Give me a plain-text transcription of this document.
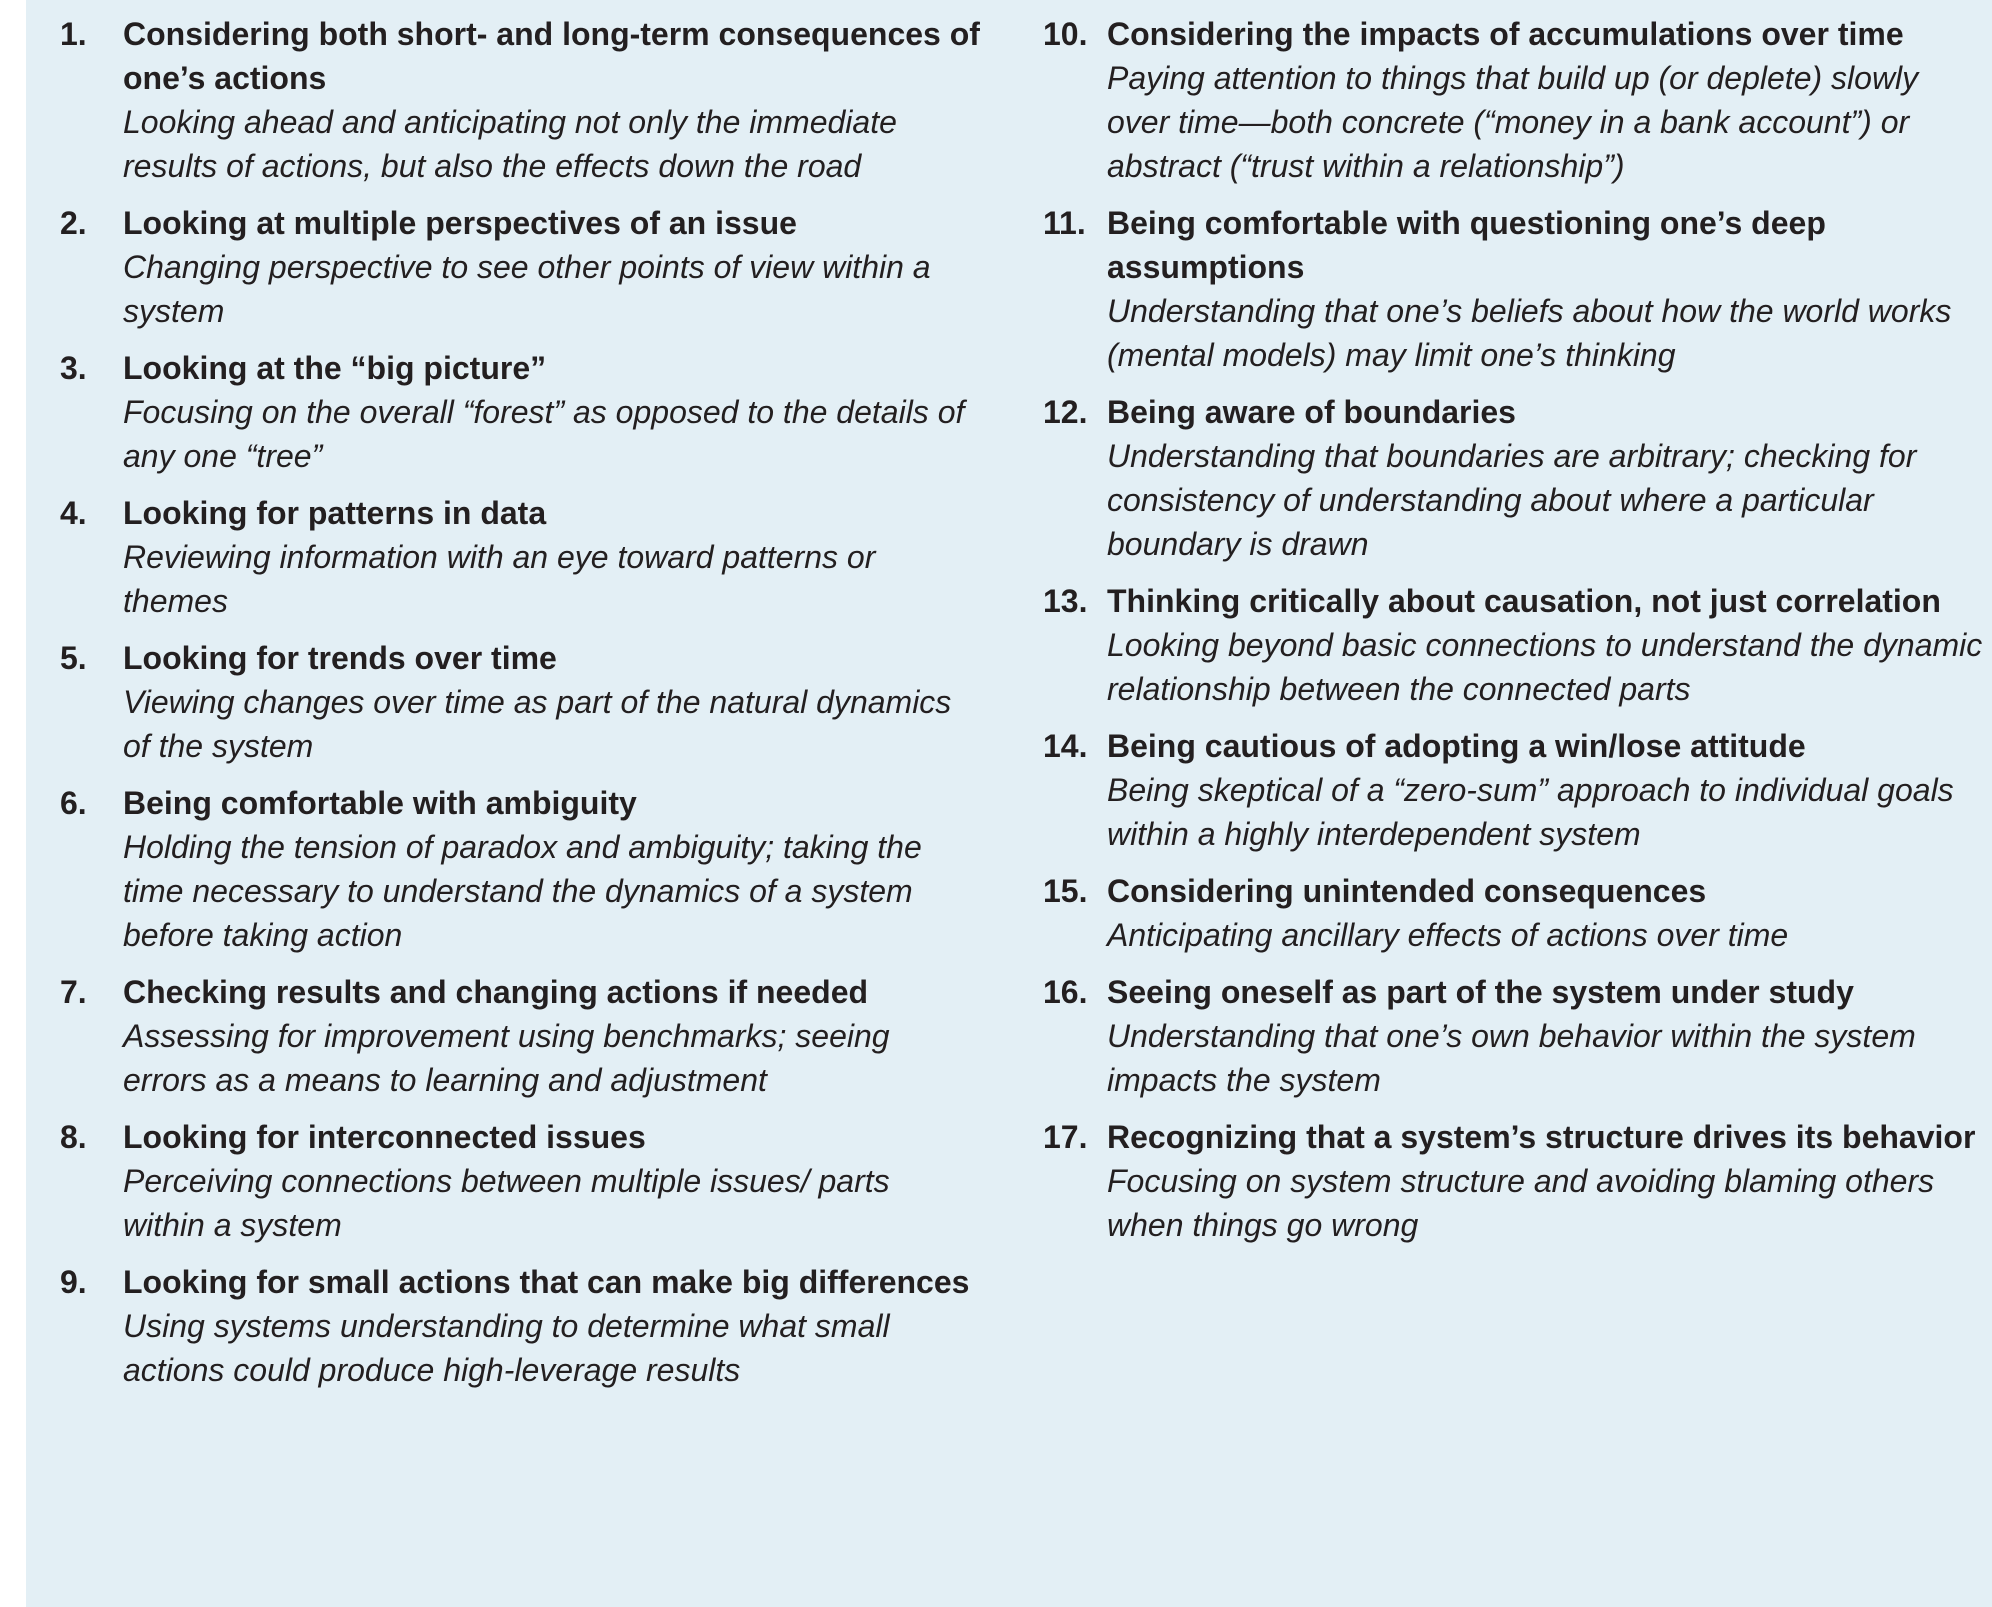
1.	Considering both short- and long-term consequences of one’s actions
Looking ahead and anticipating not only the immediate results of actions, but also the effects down the road
2.	Looking at multiple perspectives of an issue
Changing perspective to see other points of view within a system
3.	Looking at the “big picture”
Focusing on the overall “forest” as opposed to the details of any one “tree”
4.	Looking for patterns in data
Reviewing information with an eye toward patterns or themes
5.	Looking for trends over time
Viewing changes over time as part of the natural dynamics of the system
6.	Being comfortable with ambiguity
Holding the tension of paradox and ambiguity; taking the time necessary to understand the dynamics of a system before taking action
7.	Checking results and changing actions if needed
Assessing for improvement using benchmarks; seeing errors as a means to learning and adjustment
8.	Looking for interconnected issues
Perceiving connections between multiple issues/ parts within a system
9.	Looking for small actions that can make big differences
Using systems understanding to determine what small actions could produce high-leverage results
10. Considering the impacts of accumulations over time
Paying attention to things that build up (or deplete) slowly over time—both concrete (“money in a bank account”) or abstract (“trust within a relationship”)
11. Being comfortable with questioning one’s deep assumptions
Understanding that one’s beliefs about how the world works (mental models) may limit one’s thinking
12. Being aware of boundaries
Understanding that boundaries are arbitrary; checking for consistency of understanding about where a particular boundary is drawn
13. Thinking critically about causation, not just correlation
Looking beyond basic connections to understand the dynamic relationship between the connected parts
14. Being cautious of adopting a win/lose attitude
Being skeptical of a “zero-sum” approach to individual goals within a highly interdependent system
15. Considering unintended consequences
Anticipating ancillary effects of actions over time
16. Seeing oneself as part of the system under study
Understanding that one’s own behavior within the system impacts the system
17. Recognizing that a system’s structure drives its behavior
Focusing on system structure and avoiding blaming others when things go wrong
